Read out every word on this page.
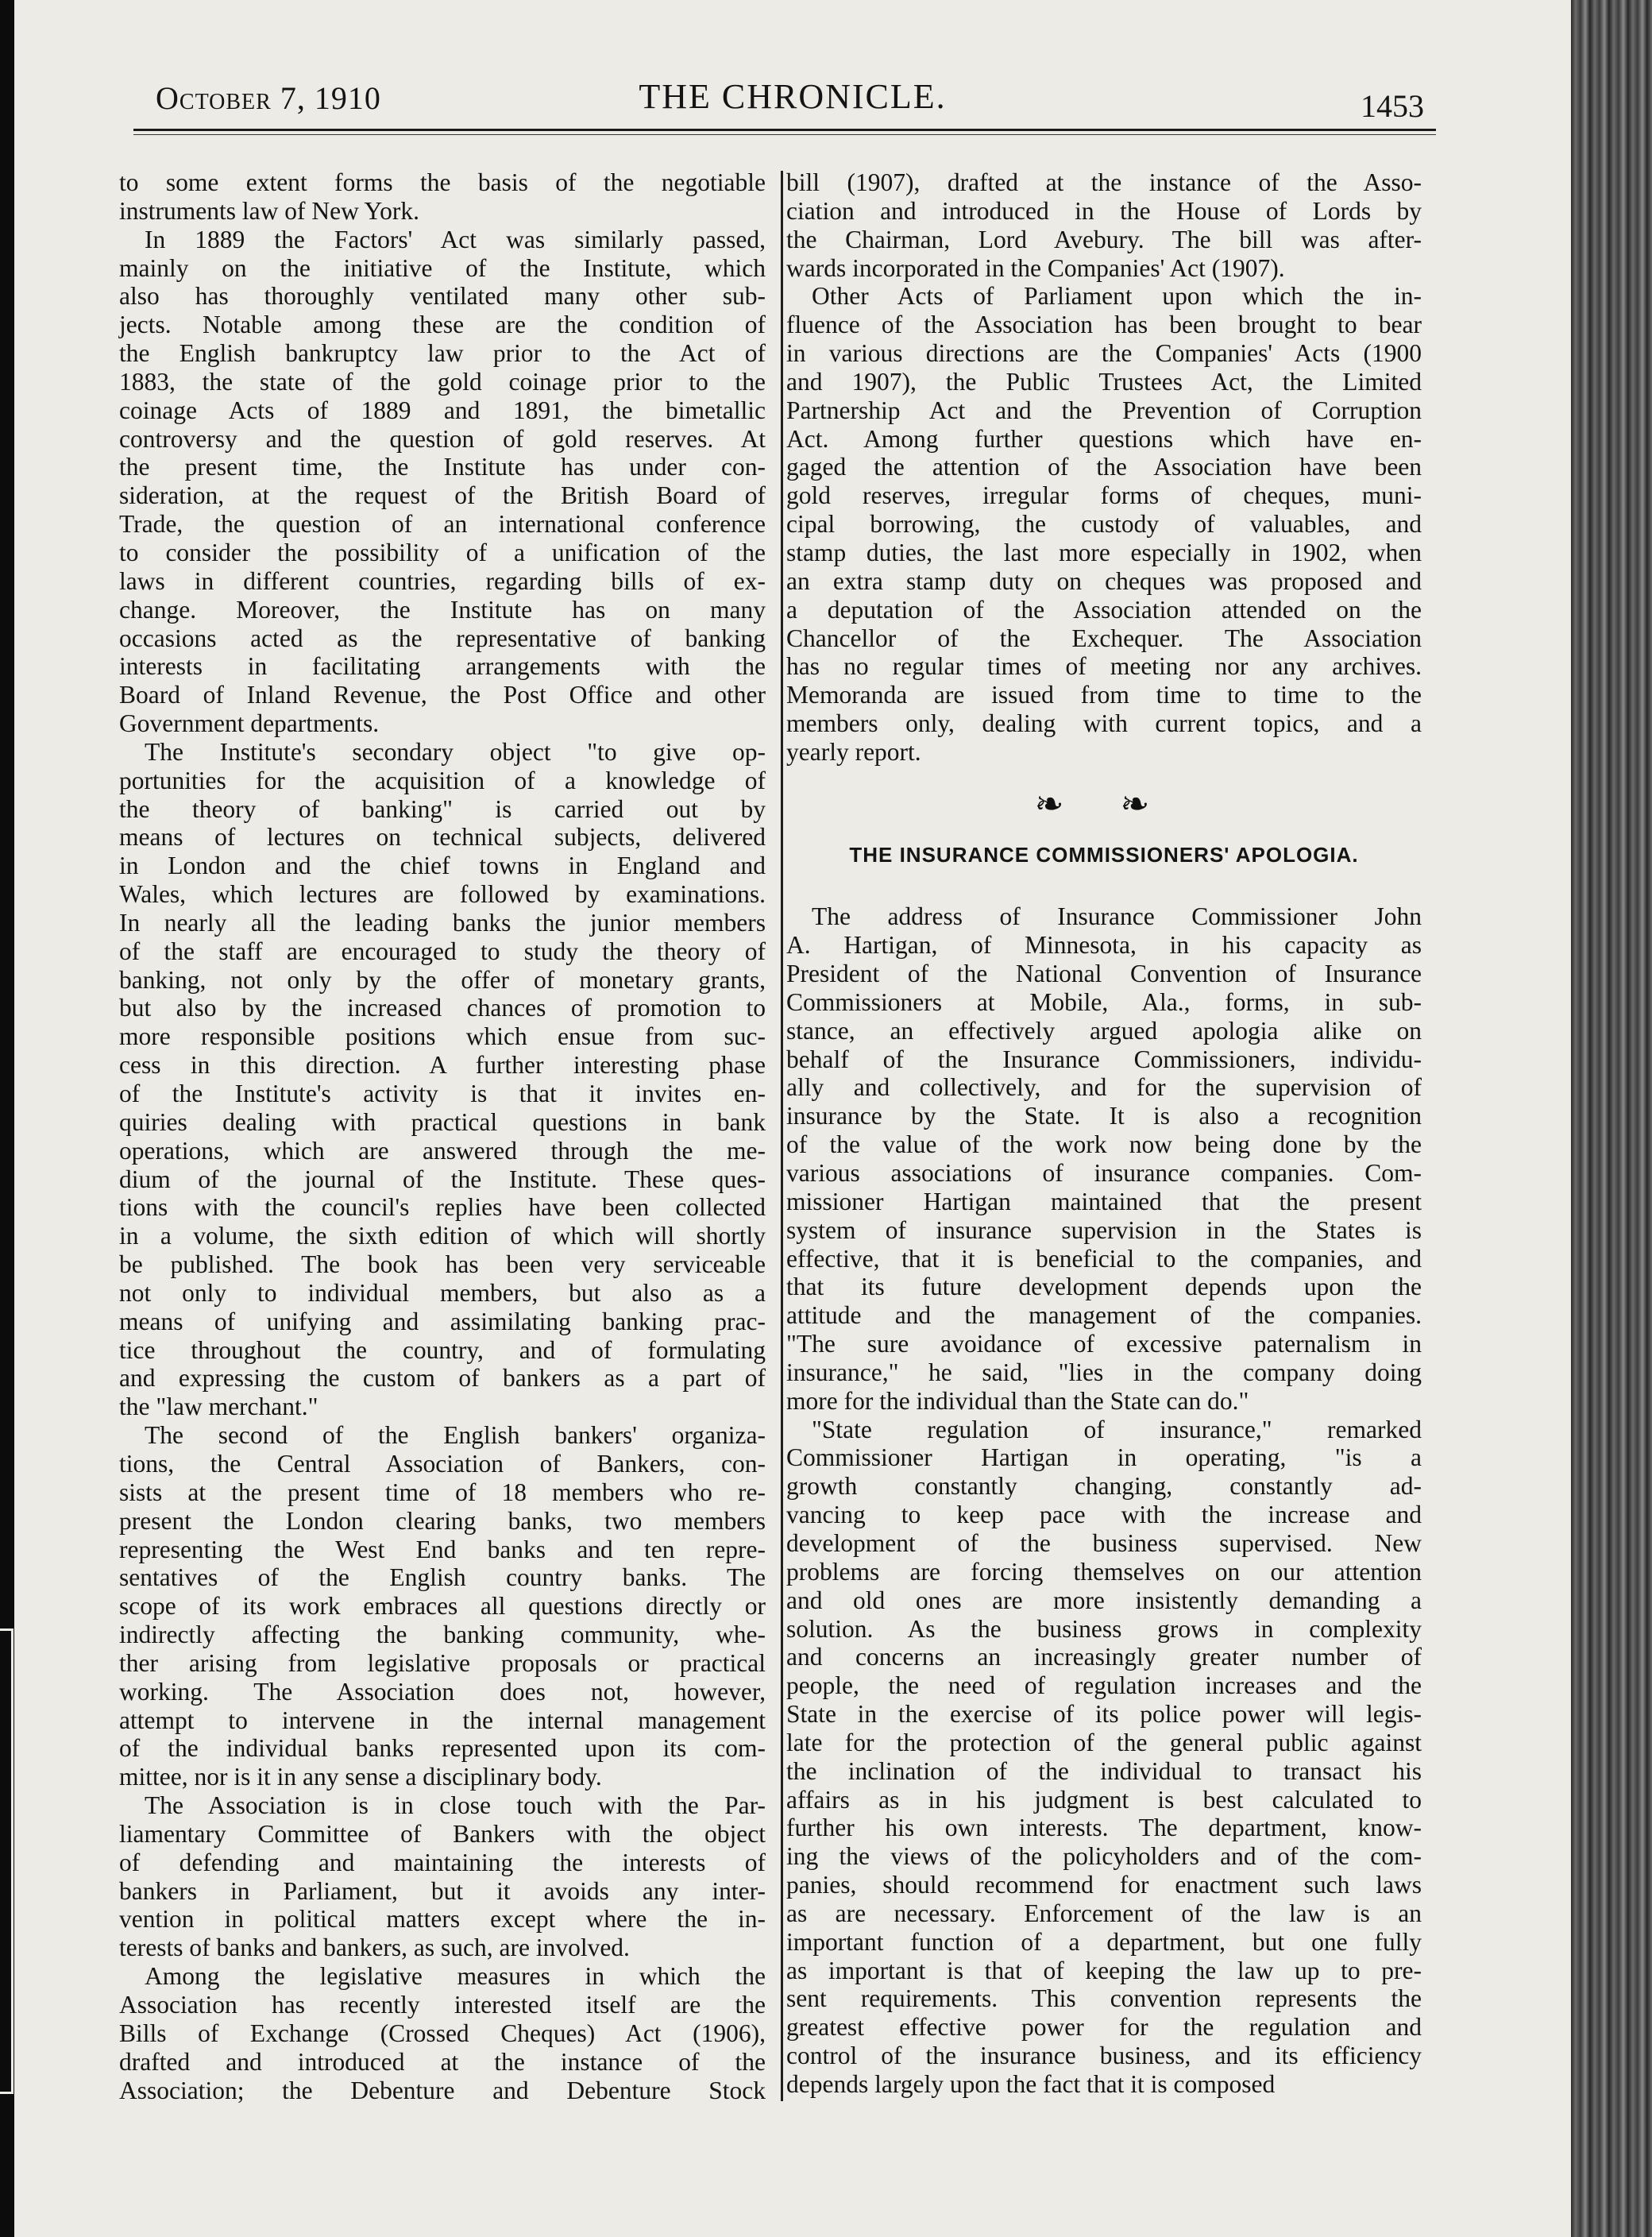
October 7, 1910	THE CHRONICLE.	1453

to some extent forms the basis of the negotiable

instruments law of New York.

In 1889 the Factors' Act was similarly passed,

mainly on the initiative of the Institute, which

also has thoroughly ventilated many other sub-

jects. Notable among these are the condition of

the English bankruptcy law prior to the Act of

1883, the state of the gold coinage prior to the

coinage Acts of 1889 and 1891, the bimetallic

controversy and the question of gold reserves. At

the present time, the Institute has under con-

sideration, at the request of the British Board of

Trade, the question of an international conference

to consider the possibility of a unification of the

laws in different countries, regarding bills of ex-

change. Moreover, the Institute has on many

occasions acted as the representative of banking

interests in facilitating arrangements with the

Board of Inland Revenue, the Post Office and other

Government departments.

The Institute's secondary object "to give op-

portunities for the acquisition of a knowledge of

the theory of banking" is carried out by

means of lectures on technical subjects, delivered

in London and the chief towns in England and

Wales, which lectures are followed by examinations.

In nearly all the leading banks the junior members

of the staff are encouraged to study the theory of

banking, not only by the offer of monetary grants,

but also by the increased chances of promotion to

more responsible positions which ensue from suc-

cess in this direction. A further interesting phase

of the Institute's activity is that it invites en-

quiries dealing with practical questions in bank

operations, which are answered through the me-

dium of the journal of the Institute. These ques-

tions with the council's replies have been collected

in a volume, the sixth edition of which will shortly

be published. The book has been very serviceable

not only to individual members, but also as a

means of unifying and assimilating banking prac-

tice throughout the country, and of formulating

and expressing the custom of bankers as a part of

the "law merchant."

The second of the English bankers' organiza-

tions, the Central Association of Bankers, con-

sists at the present time of 18 members who re-

present the London clearing banks, two members

representing the West End banks and ten repre-

sentatives of the English country banks. The

scope of its work embraces all questions directly or

indirectly affecting the banking community, whe-

ther arising from legislative proposals or practical

working. The Association does not, however,

attempt to intervene in the internal management

of the individual banks represented upon its com-

mittee, nor is it in any sense a disciplinary body.

The Association is in close touch with the Par-

liamentary Committee of Bankers with the object

of defending and maintaining the interests of

bankers in Parliament, but it avoids any inter-

vention in political matters except where the in-

terests of banks and bankers, as such, are involved.

Among the legislative measures in which the

Association has recently interested itself are the

Bills of Exchange (Crossed Cheques) Act (1906),

drafted and introduced at the instance of the

Association; the Debenture and Debenture Stock

bill (1907), drafted at the instance of the Asso-

ciation and introduced in the House of Lords by

the Chairman, Lord Avebury. The bill was after-

wards incorporated in the Companies' Act (1907).

Other Acts of Parliament upon which the in-

fluence of the Association has been brought to bear

in various directions are the Companies' Acts (1900

and 1907), the Public Trustees Act, the Limited

Partnership Act and the Prevention of Corruption

Act. Among further questions which have en-

gaged the attention of the Association have been

gold reserves, irregular forms of cheques, muni-

cipal borrowing, the custody of valuables, and

stamp duties, the last more especially in 1902, when

an extra stamp duty on cheques was proposed and

a deputation of the Association attended on the

Chancellor of the Exchequer. The Association

has no regular times of meeting nor any archives.

Memoranda are issued from time to time to the

members only, dealing with current topics, and a

yearly report.

❧ ❧
THE INSURANCE COMMISSIONERS' APOLOGIA.

The address of Insurance Commissioner John

A. Hartigan, of Minnesota, in his capacity as

President of the National Convention of Insurance

Commissioners at Mobile, Ala., forms, in sub-

stance, an effectively argued apologia alike on

behalf of the Insurance Commissioners, individu-

ally and collectively, and for the supervision of

insurance by the State. It is also a recognition

of the value of the work now being done by the

various associations of insurance companies. Com-

missioner Hartigan maintained that the present

system of insurance supervision in the States is

effective, that it is beneficial to the companies, and

that its future development depends upon the

attitude and the management of the companies.

"The sure avoidance of excessive paternalism in

insurance," he said, "lies in the company doing

more for the individual than the State can do."

"State regulation of insurance," remarked

Commissioner Hartigan in operating, "is a

growth constantly changing, constantly ad-

vancing to keep pace with the increase and

development of the business supervised. New

problems are forcing themselves on our attention

and old ones are more insistently demanding a

solution. As the business grows in complexity

and concerns an increasingly greater number of

people, the need of regulation increases and the

State in the exercise of its police power will legis-

late for the protection of the general public against

the inclination of the individual to transact his

affairs as in his judgment is best calculated to

further his own interests. The department, know-

ing the views of the policyholders and of the com-

panies, should recommend for enactment such laws

as are necessary. Enforcement of the law is an

important function of a department, but one fully

as important is that of keeping the law up to pre-

sent requirements. This convention represents the

greatest effective power for the regulation and

control of the insurance business, and its efficiency

depends largely upon the fact that it is composed
